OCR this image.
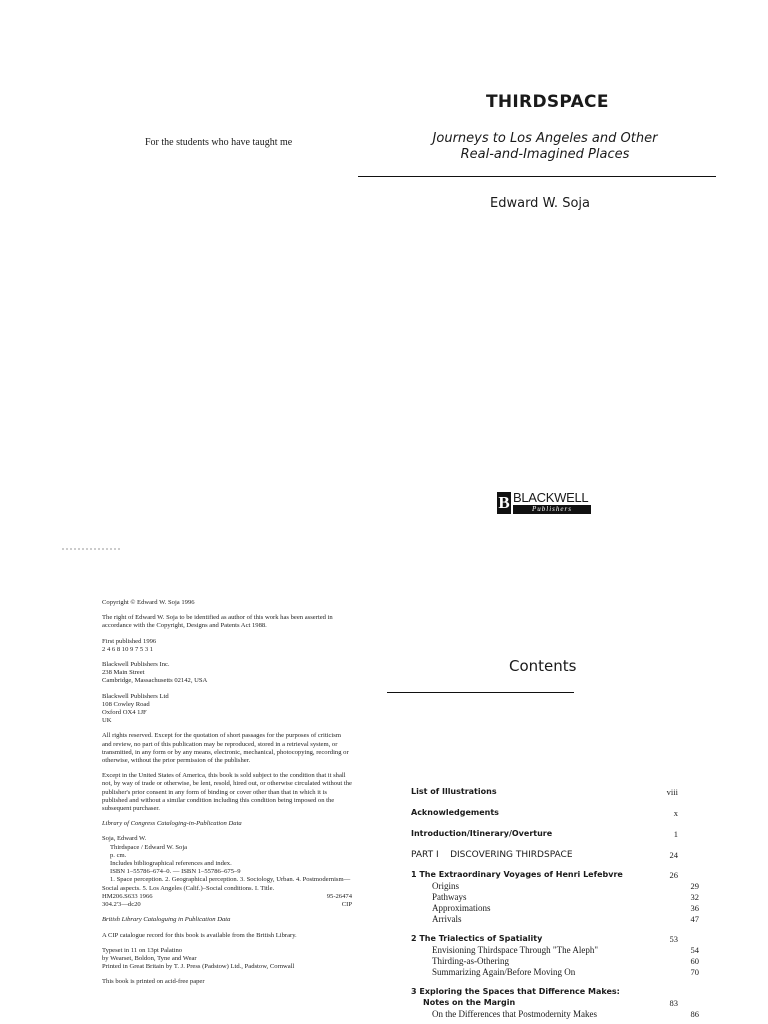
For the students who have taught me
THIRDSPACE
Journeys to Los Angeles and Other
Real-and-Imagined Places
Edward W. Soja
B BLACKWELL
Publishers

Copyright © Edward W. Soja 1996

The right of Edward W. Soja to be identified as author of this work has been asserted in accordance with the Copyright, Designs and Patents Act 1988.

First published 1996
2 4 6 8 10 9 7 5 3 1

Blackwell Publishers Inc.
238 Main Street
Cambridge, Massachusetts 02142, USA

Blackwell Publishers Ltd
108 Cowley Road
Oxford OX4 1JF
UK

All rights reserved. Except for the quotation of short passages for the purposes of criticism and review, no part of this publication may be reproduced, stored in a retrieval system, or transmitted, in any form or by any means, electronic, mechanical, photocopying, recording or otherwise, without the prior permission of the publisher.

Except in the United States of America, this book is sold subject to the condition that it shall not, by way of trade or otherwise, be lent, resold, hired out, or otherwise circulated without the publisher's prior consent in any form of binding or cover other than that in which it is published and without a similar condition including this condition being imposed on the subsequent purchaser.

Library of Congress Cataloging-in-Publication Data

Soja, Edward W.
Thirdspace / Edward W. Soja
p. cm.
Includes bibliographical references and index.
ISBN 1–55786–674–0. — ISBN 1–55786–675–9
1. Space perception. 2. Geographical perception. 3. Sociology, Urban. 4. Postmodernism—Social aspects. 5. Los Angeles (Calif.)–Social conditions. I. Title.
HM206.S633 1966	95-26474
304.2'3—dc20	CIP

British Library Cataloguing in Publication Data

A CIP catalogue record for this book is available from the British Library.

Typeset in 11 on 13pt Palatino
by Wearset, Boldon, Tyne and Wear
Printed in Great Britain by T. J. Press (Padstow) Ltd., Padstow, Cornwall

This book is printed on acid-free paper

Contents
List of Illustrations	viii
Acknowledgements	x
Introduction/Itinerary/Overture	1
PART I    DISCOVERING THIRDSPACE	24
1 The Extraordinary Voyages of Henri Lefebvre	26
Origins	29
Pathways	32
Approximations	36
Arrivals	47
2 The Trialectics of Spatiality	53
Envisioning Thirdspace Through "The Aleph"	54
Thirding-as-Othering	60
Summarizing Again/Before Moving On	70
3 Exploring the Spaces that Difference Makes:
Notes on the Margin	83
On the Differences that Postmodernity Makes	86
